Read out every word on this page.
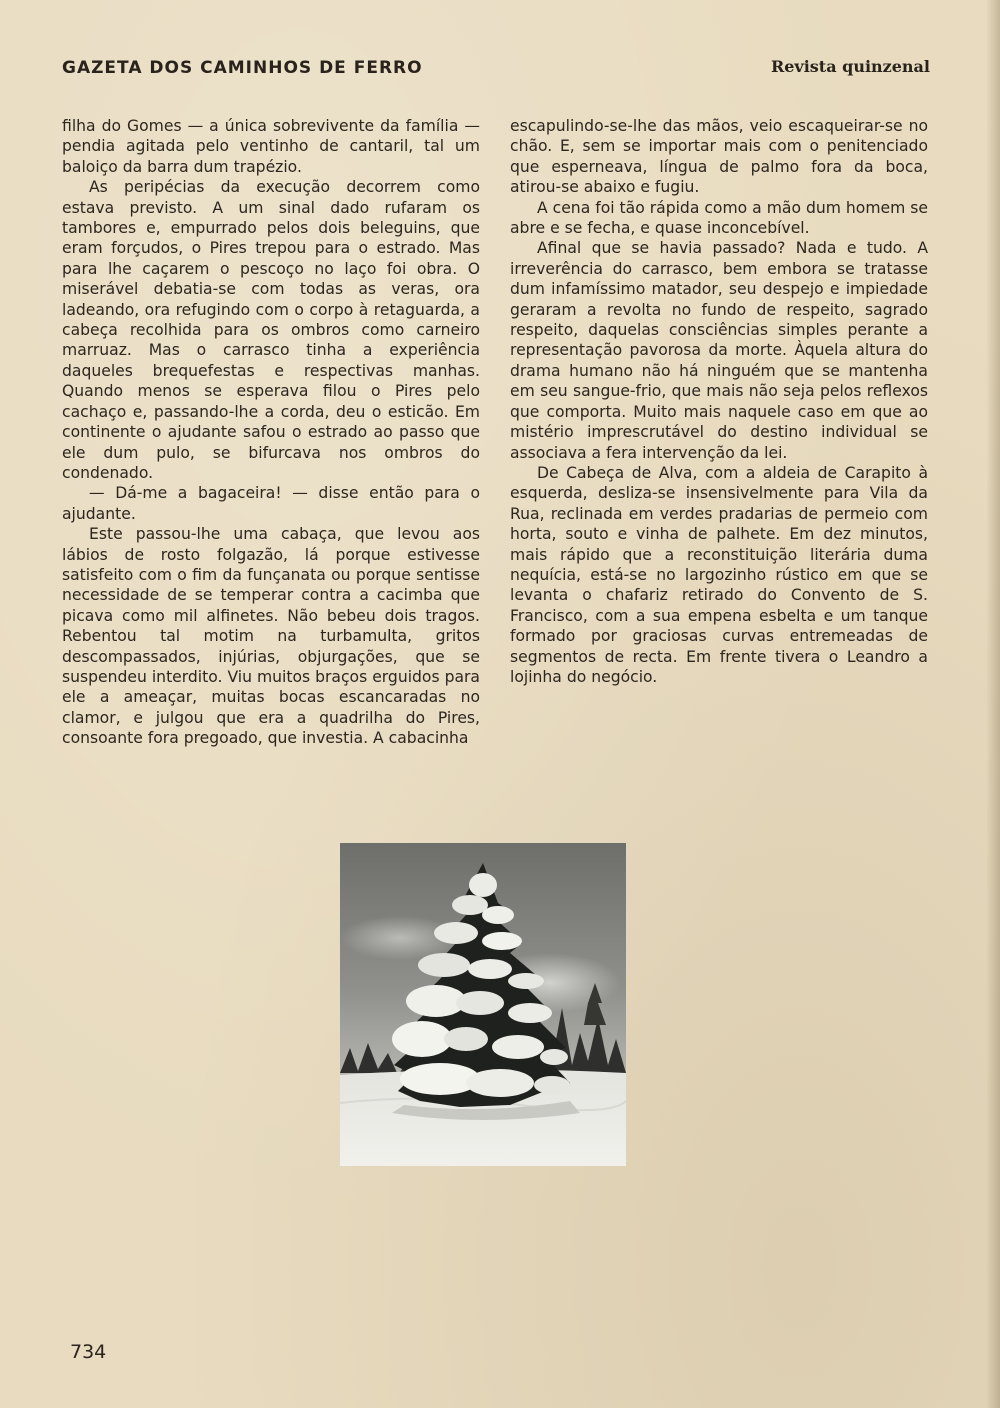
GAZETA DOS CAMINHOS DE FERRO	Revista quinzenal

filha do Gomes — a única sobrevivente da família — pendia agitada pelo ventinho de cantaril, tal um baloiço da barra dum trapézio.

As peripécias da execução decorrem como estava previsto. A um sinal dado rufaram os tambores e, empurrado pelos dois beleguins, que eram forçudos, o Pires trepou para o estrado. Mas para lhe caçarem o pescoço no laço foi obra. O miserável debatia-se com todas as veras, ora ladeando, ora refugindo com o corpo à retaguarda, a cabeça recolhida para os ombros como carneiro marruaz. Mas o carrasco tinha a experiência daqueles brequefestas e respectivas manhas. Quando menos se esperava filou o Pires pelo cachaço e, passando-lhe a corda, deu o esticão. Em continente o ajudante safou o estrado ao passo que ele dum pulo, se bifurcava nos ombros do condenado.

— Dá-me a bagaceira! — disse então para o ajudante.

Este passou-lhe uma cabaça, que levou aos lábios de rosto folgazão, lá porque estivesse satisfeito com o fim da funçanata ou porque sentisse necessidade de se temperar contra a cacimba que picava como mil alfinetes. Não bebeu dois tragos. Rebentou tal motim na turbamulta, gritos descompassados, injúrias, objurgações, que se suspendeu interdito. Viu muitos braços erguidos para ele a ameaçar, muitas bocas escancaradas no clamor, e julgou que era a quadrilha do Pires, consoante fora pregoado, que investia. A cabacinha

escapulindo-se-lhe das mãos, veio escaqueirar-se no chão. E, sem se importar mais com o penitenciado que esperneava, língua de palmo fora da boca, atirou-se abaixo e fugiu.

A cena foi tão rápida como a mão dum homem se abre e se fecha, e quase inconcebível.

Afinal que se havia passado? Nada e tudo. A irreverência do carrasco, bem embora se tratasse dum infamíssimo matador, seu despejo e impiedade geraram a revolta no fundo de respeito, sagrado respeito, daquelas consciências simples perante a representação pavorosa da morte. Àquela altura do drama humano não há ninguém que se mantenha em seu sangue-frio, que mais não seja pelos reflexos que comporta. Muito mais naquele caso em que ao mistério imprescrutável do destino individual se associava a fera intervenção da lei.

De Cabeça de Alva, com a aldeia de Carapito à esquerda, desliza-se insensivelmente para Vila da Rua, reclinada em verdes pradarias de permeio com horta, souto e vinha de palhete. Em dez minutos, mais rápido que a reconstituição literária duma nequícia, está-se no largozinho rústico em que se levanta o chafariz retirado do Convento de S. Francisco, com a sua empena esbelta e um tanque formado por graciosas curvas entremeadas de segmentos de recta. Em frente tivera o Leandro a lojinha do negócio.

734
